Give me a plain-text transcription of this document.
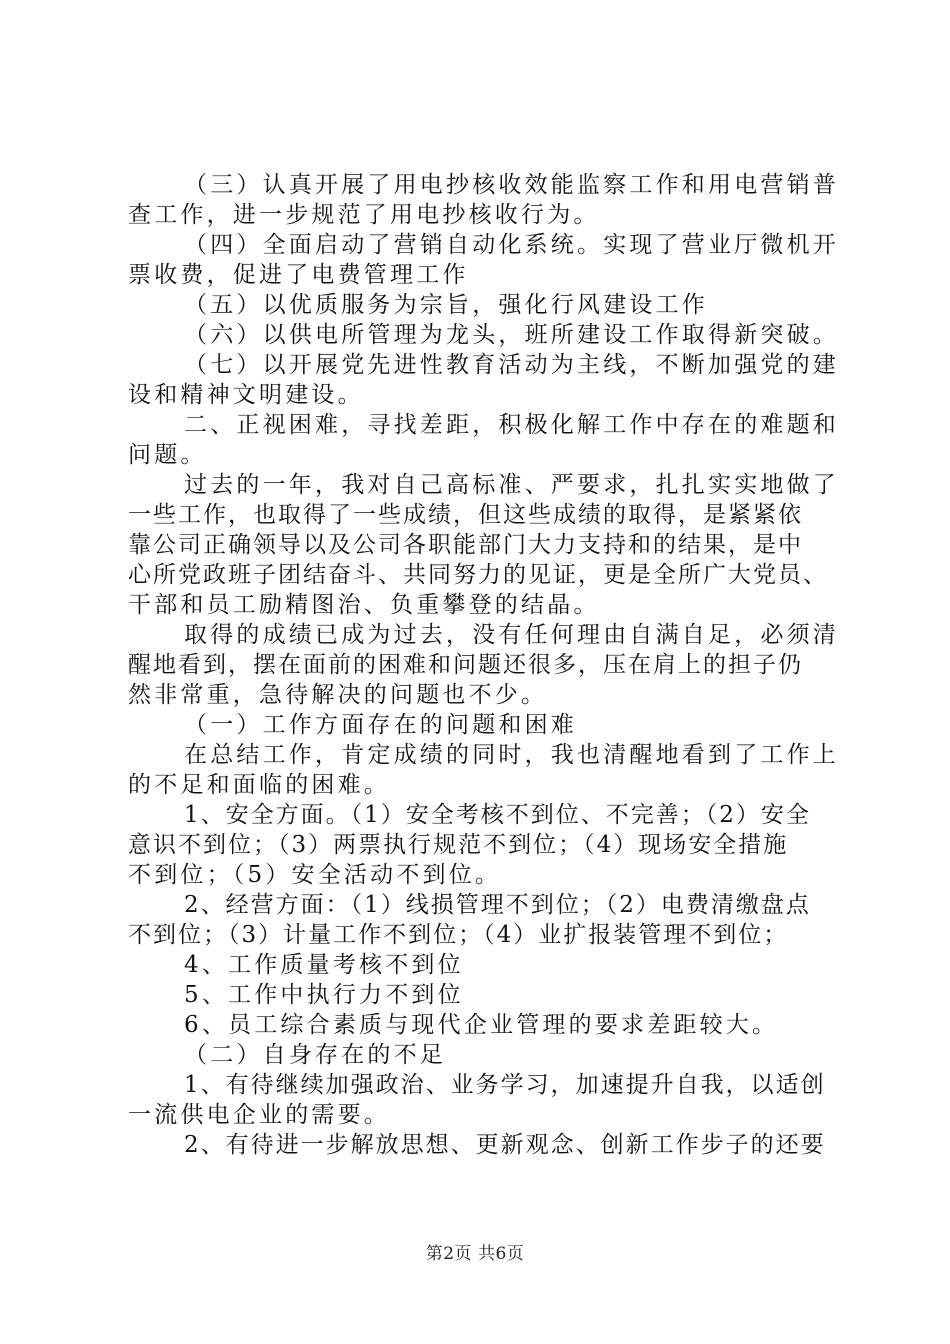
（三）认真开展了用电抄核收效能监察工作和用电营销普
查工作，进一步规范了用电抄核收行为。
（四）全面启动了营销自动化系统。实现了营业厅微机开
票收费，促进了电费管理工作
（五）以优质服务为宗旨，强化行风建设工作
（六）以供电所管理为龙头，班所建设工作取得新突破。
（七）以开展党先进性教育活动为主线，不断加强党的建
设和精神文明建设。
二、正视困难，寻找差距，积极化解工作中存在的难题和
问题。
过去的一年，我对自己高标准、严要求，扎扎实实地做了
一些工作，也取得了一些成绩，但这些成绩的取得，是紧紧依
靠公司正确领导以及公司各职能部门大力支持和的结果，是中
心所党政班子团结奋斗、共同努力的见证，更是全所广大党员、
干部和员工励精图治、负重攀登的结晶。
取得的成绩已成为过去，没有任何理由自满自足，必须清
醒地看到，摆在面前的困难和问题还很多，压在肩上的担子仍
然非常重，急待解决的问题也不少。
（一）工作方面存在的问题和困难
在总结工作，肯定成绩的同时，我也清醒地看到了工作上
的不足和面临的困难。
1、安全方面。（1）安全考核不到位、不完善；（2）安全
意识不到位；（3）两票执行规范不到位；（4）现场安全措施
不到位；（5）安全活动不到位。
2、经营方面：（1）线损管理不到位；（2）电费清缴盘点
不到位；（3）计量工作不到位；（4）业扩报装管理不到位；
4、工作质量考核不到位
5、工作中执行力不到位
6、员工综合素质与现代企业管理的要求差距较大。
（二）自身存在的不足
1、有待继续加强政治、业务学习，加速提升自我，以适创
一流供电企业的需要。
2、有待进一步解放思想、更新观念、创新工作步子的还要
第2页 共6页
